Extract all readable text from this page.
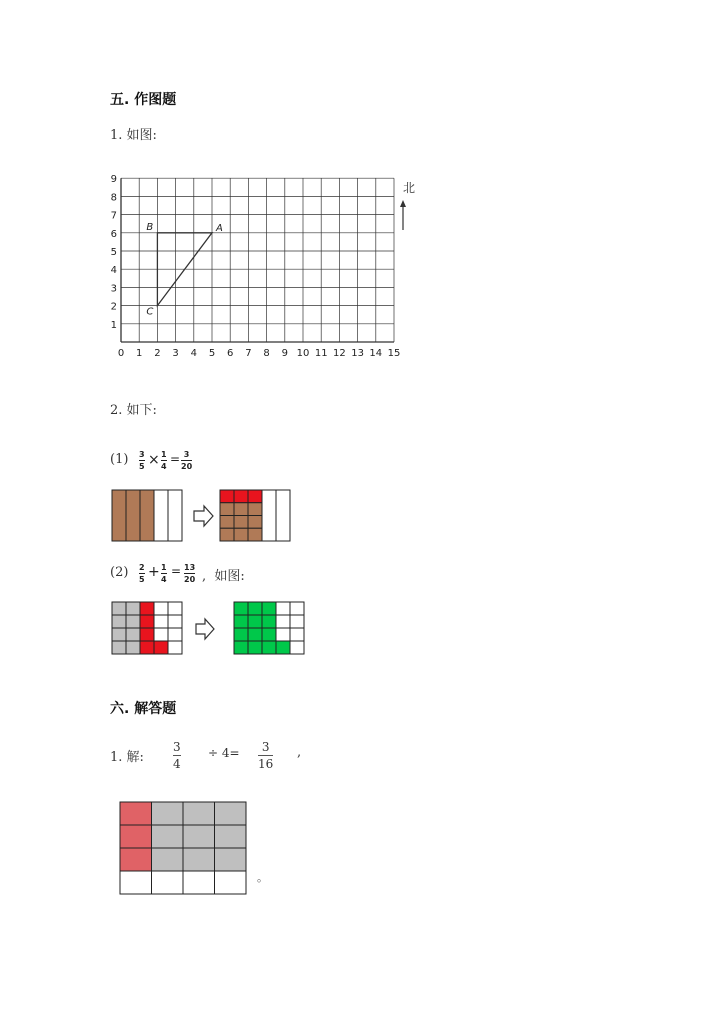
五. 作图题
1. 如图:
0 1 2 3 4 5 6 7 8 9 10 11 12 13 14 15
1
2
3
4
5
6
7
8
9
A
B
C
北
2. 如下:
(1) 3
5 × 1
4
= 3
20
(2) 2
5 + 1
4
= 13
20 ,  如图:
六. 解答题
1. 解:
3
4
÷ 4= 3
16
,
。
